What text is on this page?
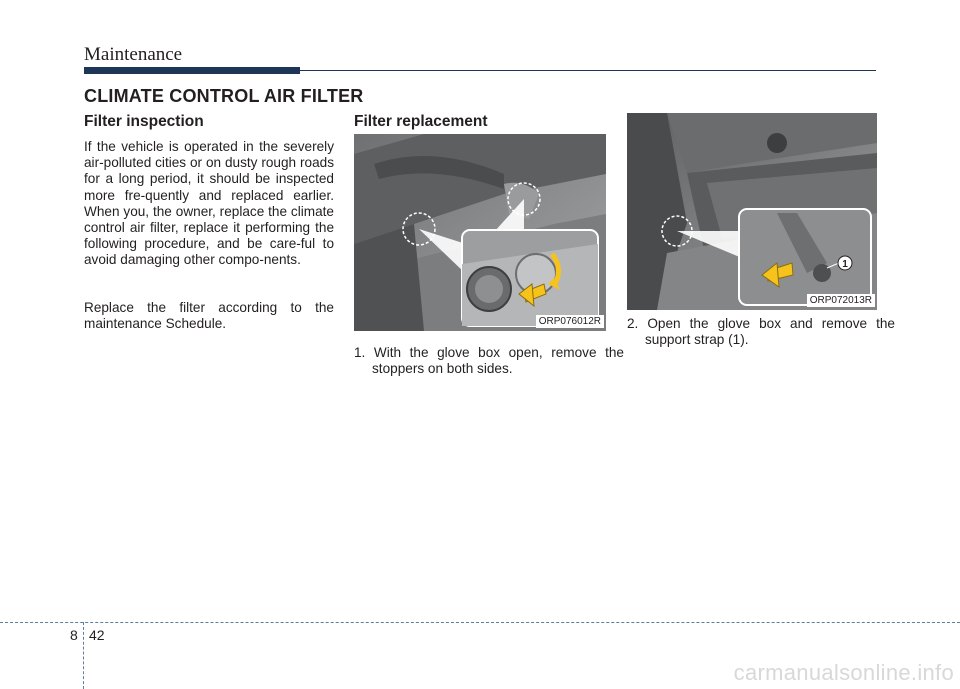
Maintenance
CLIMATE CONTROL AIR FILTER
Filter inspection

If the vehicle is operated in the severely air-polluted cities or on dusty rough roads for a long period, it should be inspected more fre-quently and replaced earlier. When you, the owner, replace the climate control air filter, replace it performing the following procedure, and be care-ful to avoid damaging other compo-nents.

Replace the filter according to the maintenance Schedule.

Filter replacement
ORP076012R
1. With the glove box open, remove the stoppers on both sides.
1
ORP072013R
2. Open the glove box and remove the support strap (1).
8 42
carmanualsonline.info
